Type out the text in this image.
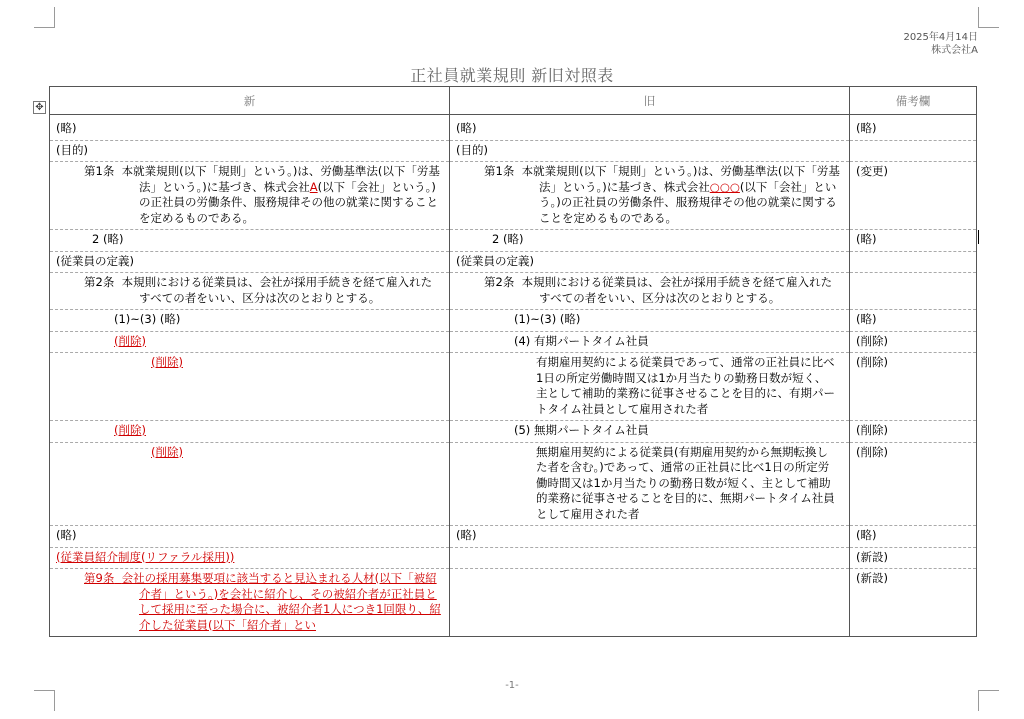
2025年4月14日
株式会社A
正社員就業規則 新旧対照表
✥	新	旧	備考欄
(略)	(略)	(略)
(目的)	(目的)	

第1条 本就業規則(以下「規則」という。)は、労働基準法(以下「労基法」という。)に基づき、株式会社A(以下「会社」という。)の正社員の労働条件、服務規律その他の就業に関することを定めるものである。	第1条 本就業規則(以下「規則」という。)は、労働基準法(以下「労基法」という。)に基づき、株式会社○○○(以下「会社」という。)の正社員の労働条件、服務規律その他の就業に関することを定めるものである。	(変更)

2 (略)	2 (略)	(略)
(従業員の定義)	(従業員の定義)	

第2条 本規則における従業員は、会社が採用手続きを経て雇入れたすべての者をいい、区分は次のとおりとする。	第2条 本規則における従業員は、会社が採用手続きを経て雇入れたすべての者をいい、区分は次のとおりとする。	

(1)~(3) (略)	(1)~(3) (略)	(略)

(削除)	(4) 有期パートタイム社員	(削除)

(削除)	有期雇用契約による従業員であって、通常の正社員に比べ1日の所定労働時間又は1か月当たりの勤務日数が短く、主として補助的業務に従事させることを目的に、有期パートタイム社員として雇用された者	(削除)

(削除)	(5) 無期パートタイム社員	(削除)

(削除)	無期雇用契約による従業員(有期雇用契約から無期転換した者を含む。)であって、通常の正社員に比べ1日の所定労働時間又は1か月当たりの勤務日数が短く、主として補助的業務に従事させることを目的に、無期パートタイム社員として雇用された者	(削除)
(略)	(略)	(略)
(従業員紹介制度(リファラル採用))		(新設)

第9条 会社の採用募集要項に該当すると見込まれる人材(以下「被紹介者」という。)を会社に紹介し、その被紹介者が正社員として採用に至った場合に、被紹介者1人につき1回限り、紹介した従業員(以下「紹介者」とい		(新設)
-1-
